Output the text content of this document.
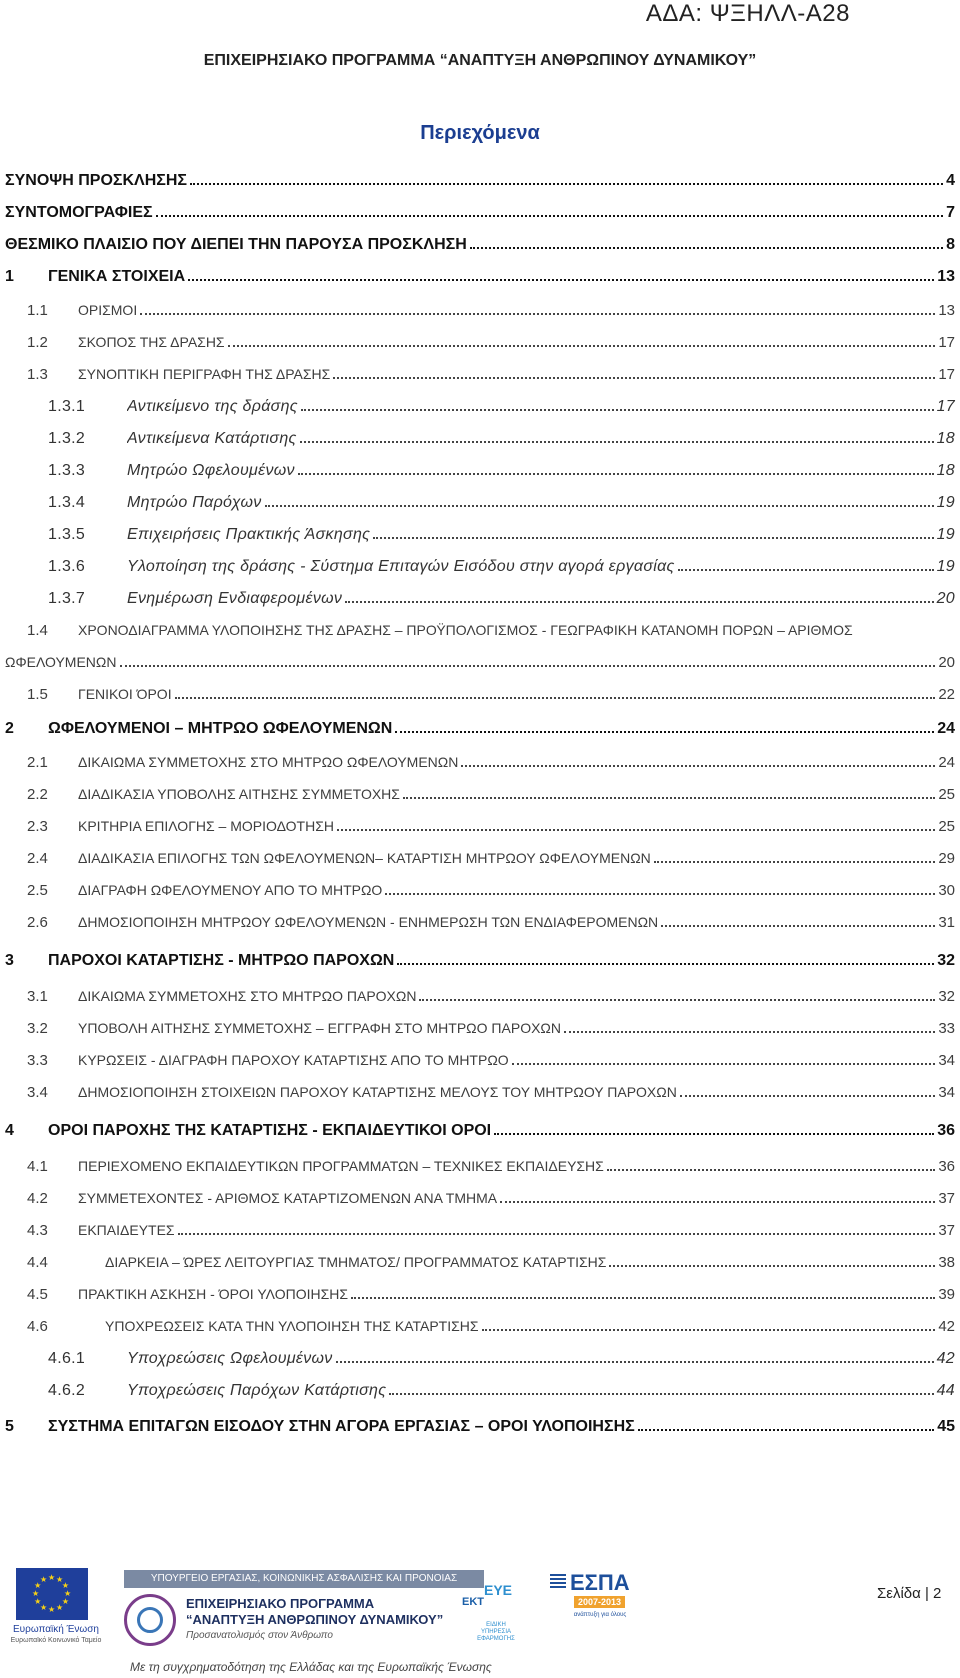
ΑΔΑ: ΨΞΗΛΛ-Α28
ΕΠΙΧΕΙΡΗΣΙΑΚΟ ΠΡΟΓΡΑΜΜΑ “ΑΝΑΠΤΥΞΗ ΑΝΘΡΩΠΙΝΟΥ ΔΥΝΑΜΙΚΟΥ”
Περιεχόμενα
ΣΥΝΟΨΗ ΠΡΟΣΚΛΗΣΗΣ	4
ΣΥΝΤΟΜΟΓΡΑΦΙΕΣ	7
ΘΕΣΜΙΚΟ ΠΛΑΙΣΙΟ ΠΟΥ ΔΙΕΠΕΙ ΤΗΝ ΠΑΡΟΥΣΑ ΠΡΟΣΚΛΗΣΗ	8
1	ΓΕΝΙΚΑ ΣΤΟΙΧΕΙΑ	13
1.1	ΟΡΙΣΜΟΙ	13
1.2	ΣΚΟΠΟΣ ΤΗΣ ΔΡΑΣΗΣ	17
1.3	ΣΥΝΟΠΤΙΚΗ ΠΕΡΙΓΡΑΦΗ ΤΗΣ ΔΡΑΣΗΣ	17
1.3.1	Αντικείμενο της δράσης	17
1.3.2	Αντικείμενα Κατάρτισης	18
1.3.3	Μητρώο Ωφελουμένων	18
1.3.4	Μητρώο Παρόχων	19
1.3.5	Επιχειρήσεις Πρακτικής Άσκησης	19
1.3.6	Υλοποίηση της δράσης - Σύστημα Επιταγών Εισόδου στην αγορά εργασίας	19
1.3.7	Ενημέρωση Ενδιαφερομένων	20
1.4	ΧΡΟΝΟΔΙΑΓΡΑΜΜΑ ΥΛΟΠΟΙΗΣΗΣ ΤΗΣ ΔΡΑΣΗΣ – ΠΡΟΫΠΟΛΟΓΙΣΜΟΣ - ΓΕΩΓΡΑΦΙΚΗ ΚΑΤΑΝΟΜΗ ΠΟΡΩΝ – ΑΡΙΘΜΟΣ
ΩΦΕΛΟΥΜΕΝΩΝ	20
1.5	ΓΕΝΙΚΟΙ ΌΡΟΙ	22
2	ΩΦΕΛΟΥΜΕΝΟΙ – ΜΗΤΡΩΟ ΩΦΕΛΟΥΜΕΝΩΝ	24
2.1	ΔΙΚΑΙΩΜΑ ΣΥΜΜΕΤΟΧΗΣ ΣΤΟ ΜΗΤΡΩΟ ΩΦΕΛΟΥΜΕΝΩΝ	24
2.2	ΔΙΑΔΙΚΑΣΙΑ ΥΠΟΒΟΛΗΣ ΑΙΤΗΣΗΣ ΣΥΜΜΕΤΟΧΗΣ	25
2.3	ΚΡΙΤΗΡΙΑ ΕΠΙΛΟΓΗΣ – ΜΟΡΙΟΔΟΤΗΣΗ	25
2.4	ΔΙΑΔΙΚΑΣΙΑ ΕΠΙΛΟΓΗΣ ΤΩΝ ΩΦΕΛΟΥΜΕΝΩΝ– ΚΑΤΑΡΤΙΣΗ ΜΗΤΡΩΟΥ ΩΦΕΛΟΥΜΕΝΩΝ	29
2.5	ΔΙΑΓΡΑΦΗ ΩΦΕΛΟΥΜΕΝΟΥ ΑΠΟ ΤΟ ΜΗΤΡΩΟ	30
2.6	ΔΗΜΟΣΙΟΠΟΙΗΣΗ ΜΗΤΡΩΟΥ ΩΦΕΛΟΥΜΕΝΩΝ - ΕΝΗΜΕΡΩΣΗ ΤΩΝ ΕΝΔΙΑΦΕΡΟΜΕΝΩΝ	31
3	ΠΑΡΟΧΟΙ ΚΑΤΑΡΤΙΣΗΣ - ΜΗΤΡΩΟ ΠΑΡΟΧΩΝ	32
3.1	ΔΙΚΑΙΩΜΑ ΣΥΜΜΕΤΟΧΗΣ ΣΤΟ ΜΗΤΡΩΟ ΠΑΡΟΧΩΝ	32
3.2	ΥΠΟΒΟΛΗ ΑΙΤΗΣΗΣ ΣΥΜΜΕΤΟΧΗΣ – ΕΓΓΡΑΦΗ ΣΤΟ ΜΗΤΡΩΟ ΠΑΡΟΧΩΝ	33
3.3	ΚΥΡΩΣΕΙΣ - ΔΙΑΓΡΑΦΗ ΠΑΡΟΧΟΥ ΚΑΤΑΡΤΙΣΗΣ ΑΠΟ ΤΟ ΜΗΤΡΩΟ	34
3.4	ΔΗΜΟΣΙΟΠΟΙΗΣΗ ΣΤΟΙΧΕΙΩΝ ΠΑΡΟΧΟΥ ΚΑΤΑΡΤΙΣΗΣ ΜΕΛΟΥΣ ΤΟΥ ΜΗΤΡΩΟΥ ΠΑΡΟΧΩΝ	34
4	ΟΡΟΙ ΠΑΡΟΧΗΣ ΤΗΣ ΚΑΤΑΡΤΙΣΗΣ - ΕΚΠΑΙΔΕΥΤΙΚΟΙ ΟΡΟΙ	36
4.1	ΠΕΡΙΕΧΟΜΕΝΟ ΕΚΠΑΙΔΕΥΤΙΚΩΝ ΠΡΟΓΡΑΜΜΑΤΩΝ – ΤΕΧΝΙΚΕΣ ΕΚΠΑΙΔΕΥΣΗΣ	36
4.2	ΣΥΜΜΕΤΕΧΟΝΤΕΣ - ΑΡΙΘΜΟΣ ΚΑΤΑΡΤΙΖΟΜΕΝΩΝ ΑΝΑ ΤΜΗΜΑ	37
4.3	ΕΚΠΑΙΔΕΥΤΕΣ	37
4.4	ΔΙΑΡΚΕΙΑ – ΏΡΕΣ ΛΕΙΤΟΥΡΓΙΑΣ ΤΜΗΜΑΤΟΣ/ ΠΡΟΓΡΑΜΜΑΤΟΣ ΚΑΤΑΡΤΙΣΗΣ	38
4.5	ΠΡΑΚΤΙΚΗ ΑΣΚΗΣΗ - ΌΡΟΙ ΥΛΟΠΟΙΗΣΗΣ	39
4.6	ΥΠΟΧΡΕΩΣΕΙΣ ΚΑΤΑ ΤΗΝ ΥΛΟΠΟΙΗΣΗ ΤΗΣ ΚΑΤΑΡΤΙΣΗΣ	42
4.6.1	Υποχρεώσεις Ωφελουμένων	42
4.6.2	Υποχρεώσεις Παρόχων Κατάρτισης	44
5	ΣΥΣΤΗΜΑ ΕΠΙΤΑΓΩΝ ΕΙΣΟΔΟΥ ΣΤΗΝ ΑΓΟΡΑ ΕΡΓΑΣΙΑΣ – ΟΡΟΙ ΥΛΟΠΟΙΗΣΗΣ	45
★
★
★
★
★
★
★
★
★ ★ ★
★
Ευρωπαϊκή Ένωση
Ευρωπαϊκό Κοινωνικό Ταμείο
ΥΠΟΥΡΓΕΙΟ ΕΡΓΑΣΙΑΣ, ΚΟΙΝΩΝΙΚΗΣ ΑΣΦΑΛΙΣΗΣ ΚΑΙ ΠΡΟΝΟΙΑΣ
ΕΠΙΧΕΙΡΗΣΙΑΚΟ ΠΡΟΓΡΑΜΜΑ
“ΑΝΑΠΤΥΞΗ ΑΝΘΡΩΠΙΝΟΥ ΔΥΝΑΜΙΚΟΥ”
Προσανατολισμός στον Άνθρωπο
ΕΚΤ
ΕΥΕ
ΕΙΔΙΚΗ ΥΠΗΡΕΣΙΑ ΕΦΑΡΜΟΓΗΣ
ΕΣΠΑ
2007-2013
ανάπτυξη για όλους
Σελίδα | 2
Με τη συγχρηματοδότηση της Ελλάδας και της Ευρωπαϊκής Ένωσης
